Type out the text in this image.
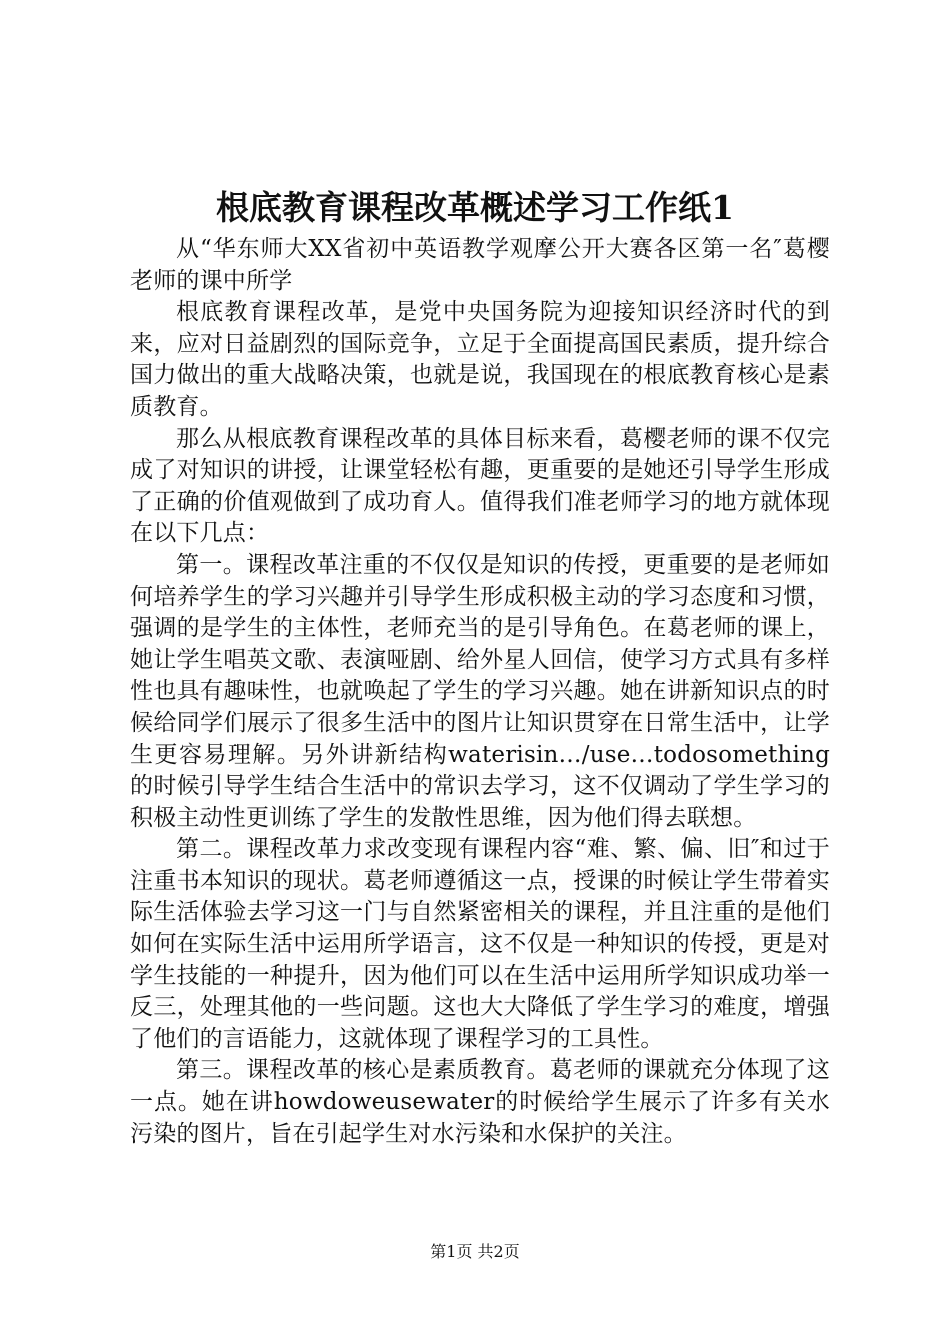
根底教育课程改革概述学习工作纸1

从“华东师大XX省初中英语教学观摩公开大赛各区第一名″葛樱老师的课中所学

根底教育课程改革，是党中央国务院为迎接知识经济时代的到来，应对日益剧烈的国际竞争，立足于全面提高国民素质，提升综合国力做出的重大战略决策，也就是说，我国现在的根底教育核心是素质教育。

那么从根底教育课程改革的具体目标来看，葛樱老师的课不仅完成了对知识的讲授，让课堂轻松有趣，更重要的是她还引导学生形成了正确的价值观做到了成功育人。值得我们准老师学习的地方就体现在以下几点：

第一。课程改革注重的不仅仅是知识的传授，更重要的是老师如何培养学生的学习兴趣并引导学生形成积极主动的学习态度和习惯，强调的是学生的主体性，老师充当的是引导角色。在葛老师的课上，她让学生唱英文歌、表演哑剧、给外星人回信，使学习方式具有多样性也具有趣味性，也就唤起了学生的学习兴趣。她在讲新知识点的时候给同学们展示了很多生活中的图片让知识贯穿在日常生活中，让学生更容易理解。另外讲新结构waterisin…/use…todosomething的时候引导学生结合生活中的常识去学习，这不仅调动了学生学习的积极主动性更训练了学生的发散性思维，因为他们得去联想。

第二。课程改革力求改变现有课程内容“难、繁、偏、旧″和过于注重书本知识的现状。葛老师遵循这一点，授课的时候让学生带着实际生活体验去学习这一门与自然紧密相关的课程，并且注重的是他们如何在实际生活中运用所学语言，这不仅是一种知识的传授，更是对学生技能的一种提升，因为他们可以在生活中运用所学知识成功举一反三，处理其他的一些问题。这也大大降低了学生学习的难度，增强了他们的言语能力，这就体现了课程学习的工具性。

第三。课程改革的核心是素质教育。葛老师的课就充分体现了这一点。她在讲howdoweusewater的时候给学生展示了许多有关水污染的图片，旨在引起学生对水污染和水保护的关注。

第1页 共2页
